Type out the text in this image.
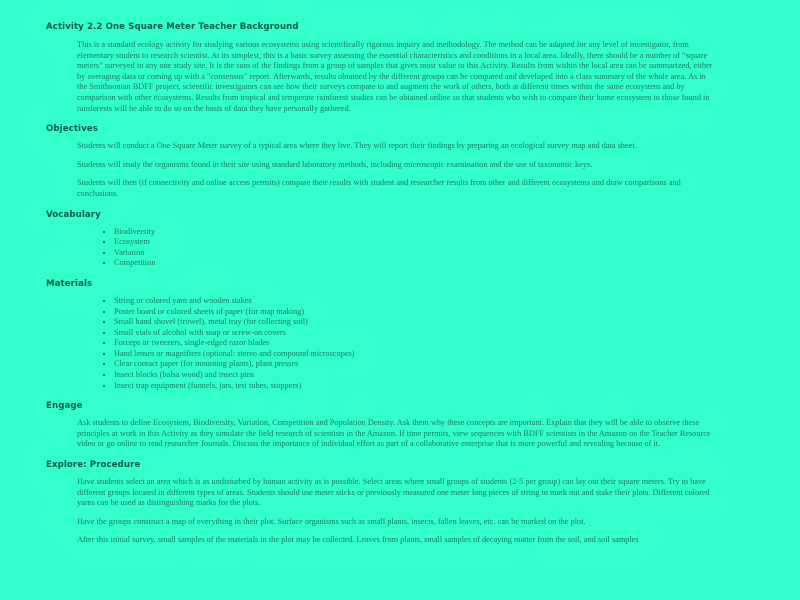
Activity 2.2 One Square Meter Teacher Background

This is a standard ecology activity for studying various ecosystems using scientifically rigorous inquiry and methodology. The method can be adapted for any level of investigator, from elementary student to research scientist. At its simplest, this is a basic survey assessing the essential characteristics and conditions in a local area. Ideally, there should be a number of “square meters” surveyed in any one study site. It is the sum of the findings from a group of samples that gives most value to this Activity. Results from within the local area can be summarized, either by averaging data or coming up with a "consensus" report. Afterwards, results obtained by the different groups can be compared and developed into a class summary of the whole area. As in the Smithsonian BDFF project, scientific investigators can see how their surveys compare to and augment the work of others, both at different times within the same ecosystem and by comparison with other ecosystems. Results from tropical and temperate rainforest studies can be obtained online so that students who wish to compare their home ecosystem to those found in rainforests will be able to do so on the basis of data they have personally gathered.

Objectives

Students will conduct a One Square Meter survey of a typical area where they live. They will report their findings by preparing an ecological survey map and data sheet.

Students will study the organisms found in their site using standard laboratory methods, including microscopic examination and the use of taxonomic keys.

Students will then (if connectivity and online access permits) compare their results with student and researcher results from other and different ecosystems and draw comparisons and conclusions.

Vocabulary
• Biodiversity
• Ecosystem
• Variation
• Competition
Materials
• String or colored yarn and wooden stakes
• Poster board or colored sheets of paper (for map making)
• Small hand shovel (trowel), metal tray (for collecting soil)
• Small vials of alcohol with snap or screw-on covers
• Forceps or tweezers, single-edged razor blades
• Hand lenses or magnifiers (optional: stereo and compound microscopes)
• Clear contact paper (for mounting plants), plant presses
• Insect blocks (balsa wood) and insect pins
• Insect trap equipment (funnels, jars, test tubes, stoppers)
Engage

Ask students to define Ecosystem, Biodiversity, Variation, Competition and Population Density. Ask them why these concepts are important. Explain that they will be able to observe these principles at work in this Activity as they simulate the field research of scientists in the Amazon. If time permits, view sequences with BDFF scientists in the Amazon on the Teacher Resource video or go online to read researcher Journals. Discuss the importance of individual effort as part of a collaborative enterprise that is more powerful and revealing because of it.

Explore: Procedure

Have students select an area which is as undisturbed by human activity as is possible. Select areas where small groups of students (2-5 per group) can lay out their square meters. Try to have different groups located in different types of areas. Students should use meter sticks or previously measured one meter long pieces of string to mark out and stake their plots. Different colored yarns can be used as distinguishing marks for the plots.

Have the groups construct a map of everything in their plot. Surface organisms such as small plants, insects, fallen leaves, etc. can be marked on the plot.

After this initial survey, small samples of the materials in the plot may be collected. Leaves from plants, small samples of decaying matter from the soil, and soil samples
